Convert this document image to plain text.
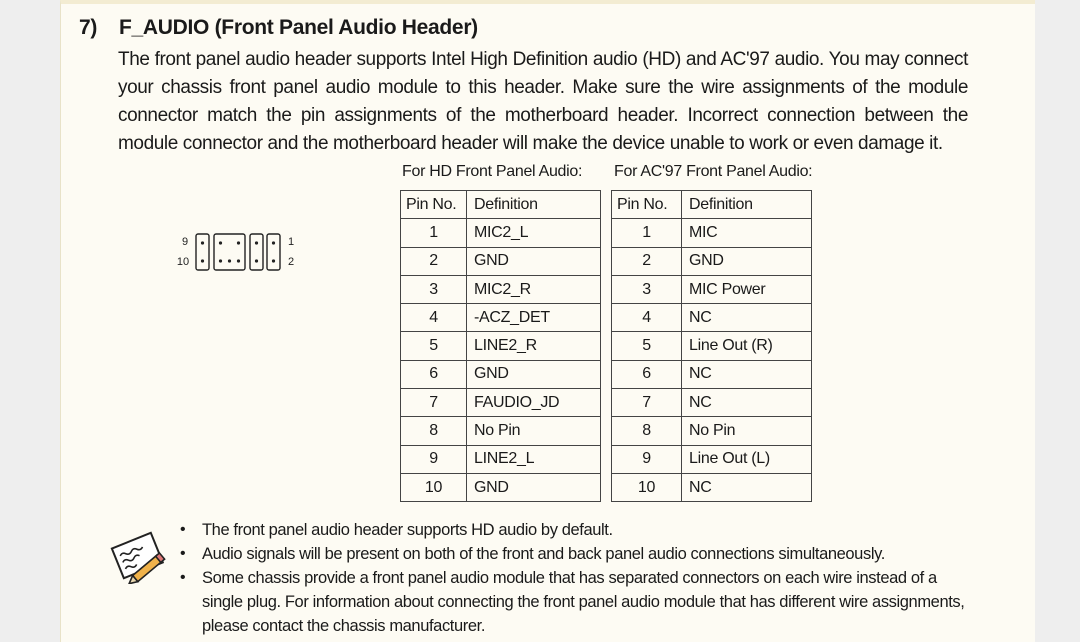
7) F_AUDIO (Front Panel Audio Header)
The front panel audio header supports Intel High Definition audio (HD) and AC'97 audio. You may connect your chassis front panel audio module to this header. Make sure the wire assignments of the module connector match the pin assignments of the motherboard header. Incorrect connection between the module connector and the motherboard header will make the device unable to work or even damage it.
9
10
1
2
For HD Front Panel Audio: For AC'97 Front Panel Audio:
Pin No.	Definition
1	MIC2_L
2	GND
3	MIC2_R
4	-ACZ_DET
5	LINE2_R
6	GND
7	FAUDIO_JD
8	No Pin
9	LINE2_L
10	GND
Pin No.	Definition
1	MIC
2	GND
3	MIC Power
4	NC
5	Line Out (R)
6	NC
7	NC
8	No Pin
9	Line Out (L)
10	NC
• The front panel audio header supports HD audio by default.
• Audio signals will be present on both of the front and back panel audio connections simultaneously.
• Some chassis provide a front panel audio module that has separated connectors on each wire instead of a single plug. For information about connecting the front panel audio module that has different wire assignments, please contact the chassis manufacturer.
